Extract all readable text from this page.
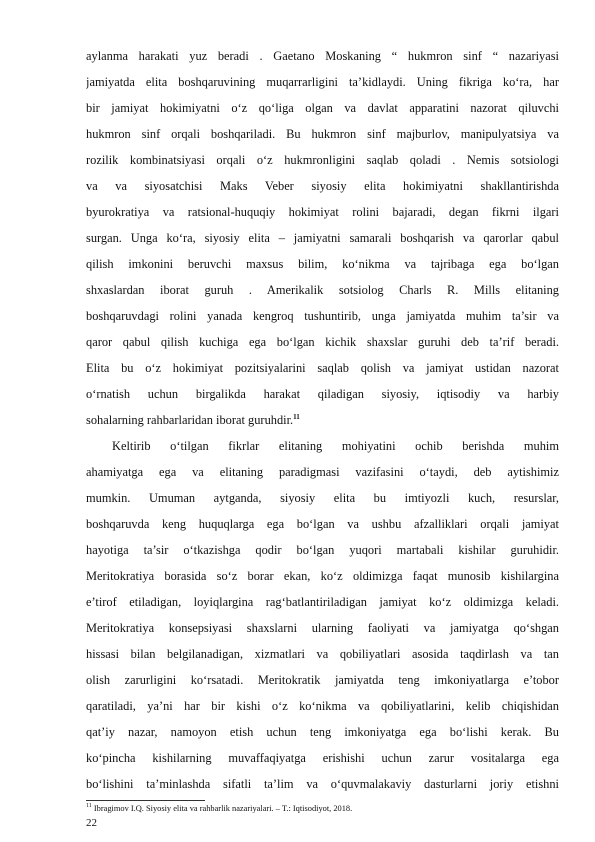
aylanma harakati yuz beradi . Gaetano Moskaning “ hukmron sinf “ nazariyasi
jamiyatda elita boshqaruvining muqarrarligini ta’kidlaydi. Uning fikriga ko‘ra, har
bir jamiyat hokimiyatni o‘z qo‘liga olgan va davlat apparatini nazorat qiluvchi
hukmron sinf orqali boshqariladi. Bu hukmron sinf majburlov, manipulyatsiya va
rozilik kombinatsiyasi orqali o‘z hukmronligini saqlab qoladi . Nemis sotsiologi
va va siyosatchisi Maks Veber siyosiy elita hokimiyatni shakllantirishda
byurokratiya va ratsional-huquqiy hokimiyat rolini bajaradi, degan fikrni ilgari
surgan. Unga ko‘ra, siyosiy elita – jamiyatni samarali boshqarish va qarorlar qabul
qilish imkonini beruvchi maxsus bilim, ko‘nikma va tajribaga ega bo‘lgan
shxaslardan iborat guruh . Amerikalik sotsiolog Charls R. Mills elitaning
boshqaruvdagi rolini yanada kengroq tushuntirib, unga jamiyatda muhim ta’sir va
qaror qabul qilish kuchiga ega bo‘lgan kichik shaxslar guruhi deb ta’rif beradi.
Elita bu o‘z hokimiyat pozitsiyalarini saqlab qolish va jamiyat ustidan nazorat
o‘rnatish uchun birgalikda harakat qiladigan siyosiy, iqtisodiy va harbiy
sohalarning rahbarlaridan iborat guruhdir.$^{11}$
Keltirib o‘tilgan fikrlar elitaning mohiyatini ochib berishda muhim
ahamiyatga ega va elitaning paradigmasi vazifasini o‘taydi, deb aytishimiz
mumkin. Umuman aytganda, siyosiy elita bu imtiyozli kuch, resurslar,
boshqaruvda keng huquqlarga ega bo‘lgan va ushbu afzalliklari orqali jamiyat
hayotiga ta’sir o‘tkazishga qodir bo‘lgan yuqori martabali kishilar guruhidir.
Meritokratiya borasida so‘z borar ekan, ko‘z oldimizga faqat munosib kishilargina
e’tirof etiladigan, loyiqlargina rag‘batlantiriladigan jamiyat ko‘z oldimizga keladi.
Meritokratiya konsepsiyasi shaxslarni ularning faoliyati va jamiyatga qo‘shgan
hissasi bilan belgilanadigan, xizmatlari va qobiliyatlari asosida taqdirlash va tan
olish zarurligini ko‘rsatadi. Meritokratik jamiyatda teng imkoniyatlarga e’tobor
qaratiladi, ya’ni har bir kishi o‘z ko‘nikma va qobiliyatlarini, kelib chiqishidan
qat’iy nazar, namoyon etish uchun teng imkoniyatga ega bo‘lishi kerak. Bu
ko‘pincha kishilarning muvaffaqiyatga erishishi uchun zarur vositalarga ega
bo‘lishini ta’minlashda sifatli ta’lim va o‘quvmalakaviy dasturlarni joriy etishni
$^{11}$ Ibragimov I.Q. Siyosiy elita va rahbarlik nazariyalari. – T.: Iqtisodiyot, 2018.
22
